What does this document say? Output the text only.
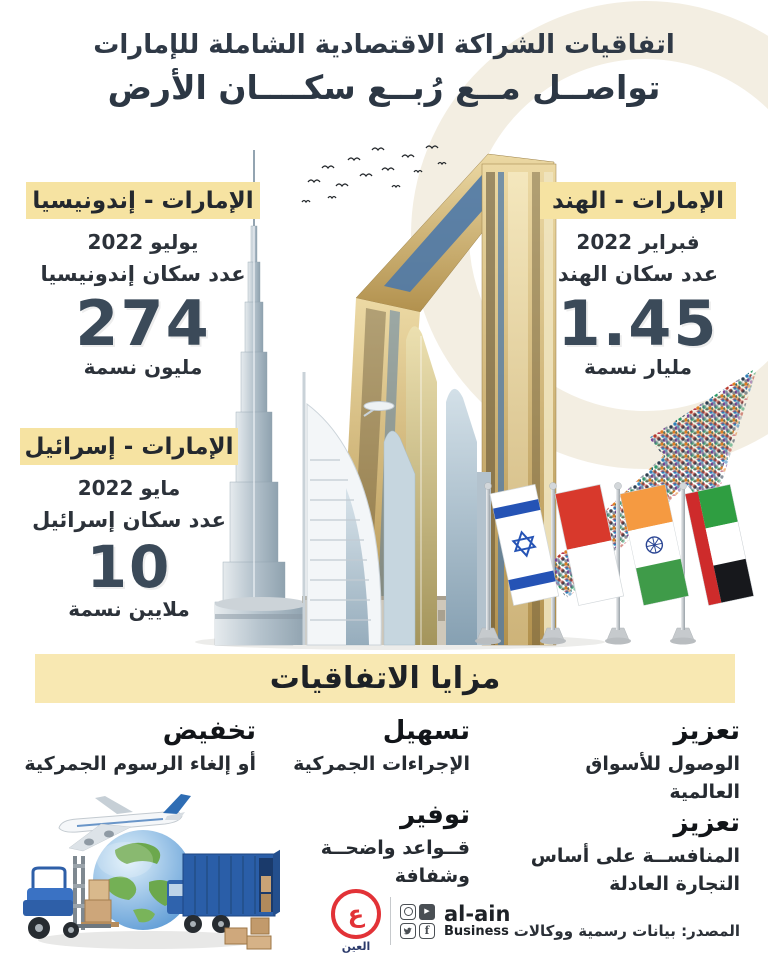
اتفاقيات الشراكة الاقتصادية الشاملة للإمارات
تواصــل مــع رُبــع سكــــان الأرض
الإمارات - إندونيسيا
يوليو 2022
عدد سكان إندونيسيا
274
مليون نسمة
الإمارات - إسرائيل
مايو 2022
عدد سكان إسرائيل
10
ملايين نسمة
الإمارات - الهند
فبراير 2022
عدد سكان الهند
1.45
مليار نسمة
مزايا الاتفاقيات
تعزيز

الوصول للأسواق العالمية

تسهيل

الإجراءات الجمركية

تخفيض

أو إلغاء الرسوم الجمركية

تعزيز

المنافســة على أساس التجارة العادلة

توفير

قــواعد واضحــة وشفافة

ع
العين
▶
f
al-ain
Business المصدر: بيانات رسمية ووكالات
